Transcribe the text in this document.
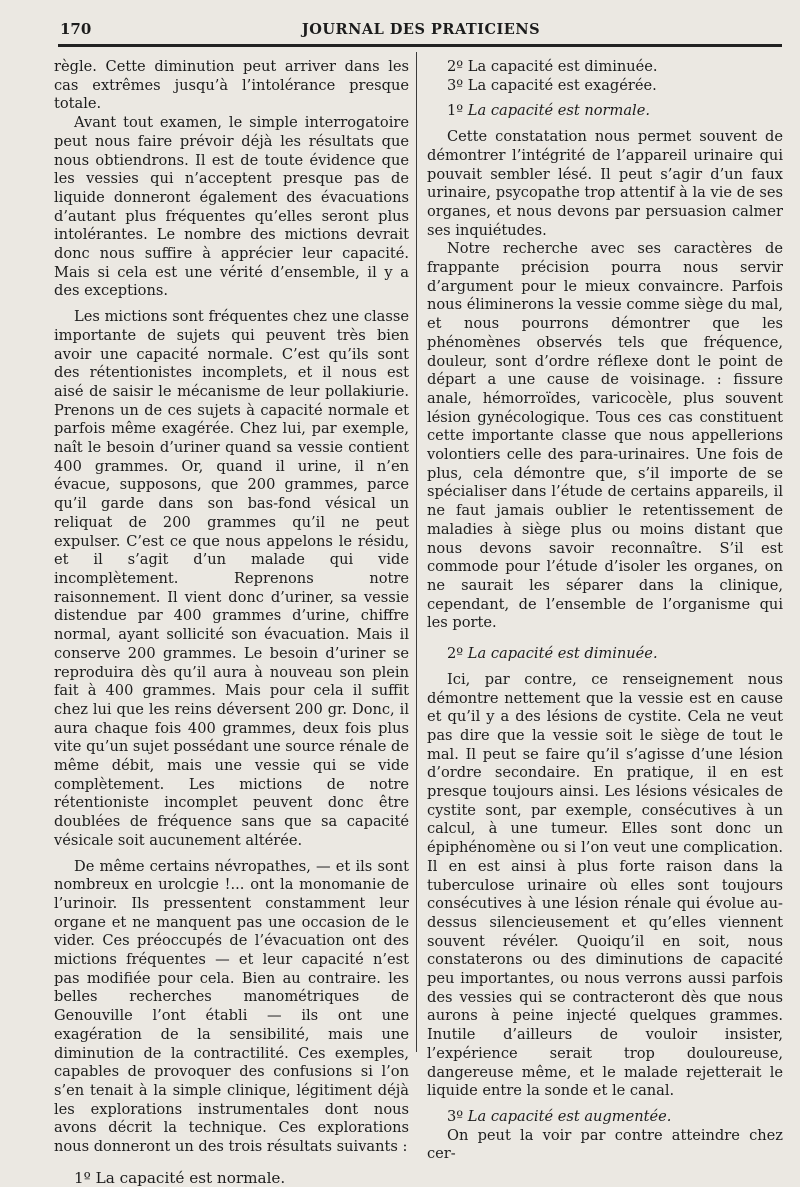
170	JOURNAL DES PRATICIENS

règle. Cette diminution peut arriver dans les cas extrêmes jusqu’à l’intolérance presque totale.

Avant tout examen, le simple interrogatoire peut nous faire prévoir déjà les résultats que nous obtiendrons. Il est de toute évidence que les vessies qui n’acceptent presque pas de liquide donneront également des évacuations d’autant plus fréquentes qu’elles seront plus intolérantes. Le nombre des mictions devrait donc nous suffire à apprécier leur capacité. Mais si cela est une vérité d’ensemble, il y a des exceptions.

Les mictions sont fréquentes chez une classe importante de sujets qui peuvent très bien avoir une capacité normale. C’est qu’ils sont des rétentionistes incomplets, et il nous est aisé de saisir le mécanisme de leur pollakiurie. Prenons un de ces sujets à capacité normale et parfois même exagérée. Chez lui, par exemple, naît le besoin d’uriner quand sa vessie contient 400 grammes. Or, quand il urine, il n’en évacue, supposons, que 200 grammes, parce qu’il garde dans son bas-fond vésical un reliquat de 200 grammes qu’il ne peut expulser. C’est ce que nous appelons le résidu, et il s’agit d’un malade qui vide incomplètement. Reprenons notre raisonnement. Il vient donc d’uriner, sa vessie distendue par 400 grammes d’urine, chiffre normal, ayant sollicité son évacuation. Mais il conserve 200 grammes. Le besoin d’uriner se reproduira dès qu’il aura à nouveau son plein fait à 400 grammes. Mais pour cela il suffit chez lui que les reins déversent 200 gr. Donc, il aura chaque fois 400 grammes, deux fois plus vite qu’un sujet possédant une source rénale de même débit, mais une vessie qui se vide complètement. Les mictions de notre rétentioniste incomplet peuvent donc être doublées de fréquence sans que sa capacité vésicale soit aucunement altérée.

De même certains névropathes, — et ils sont nombreux en urolcgie !... ont la monomanie de l’urinoir. Ils pressentent constamment leur organe et ne manquent pas une occasion de le vider. Ces préoccupés de l’évacuation ont des mictions fréquentes — et leur capacité n’est pas modifiée pour cela. Bien au contraire. les belles recherches manométriques de Genouville l’ont établi — ils ont une exagération de la sensibilité, mais une diminution de la contractilité. Ces exemples, capables de provoquer des confusions si l’on s’en tenait à la simple clinique, légitiment déjà les explorations instrumentales dont nous avons décrit la technique. Ces explorations nous donneront un des trois résultats suivants :

1º La capacité est normale.

2º La capacité est diminuée.

3º La capacité est exagérée.

1º La capacité est normale.

Cette constatation nous permet souvent de démontrer l’intégrité de l’appareil urinaire qui pouvait sembler lésé. Il peut s’agir d’un faux urinaire, psycopathe trop attentif à la vie de ses organes, et nous devons par persuasion calmer ses inquiétudes.

Notre recherche avec ses caractères de frappante précision pourra nous servir d’argument pour le mieux convaincre. Parfois nous éliminerons la vessie comme siège du mal, et nous pourrons démontrer que les phénomènes observés tels que fréquence, douleur, sont d’ordre réflexe dont le point de départ a une cause de voisinage. : fissure anale, hémorroïdes, varicocèle, plus souvent lésion gynécologique. Tous ces cas constituent cette importante classe que nous appellerions volontiers celle des para-urinaires. Une fois de plus, cela démontre que, s’il importe de se spécialiser dans l’étude de certains appareils, il ne faut jamais oublier le retentissement de maladies à siège plus ou moins distant que nous devons savoir reconnaître. S’il est commode pour l’étude d’isoler les organes, on ne saurait les séparer dans la clinique, cependant, de l’ensemble de l’organisme qui les porte.

2º La capacité est diminuée.

Ici, par contre, ce renseignement nous démontre nettement que la vessie est en cause et qu’il y a des lésions de cystite. Cela ne veut pas dire que la vessie soit le siège de tout le mal. Il peut se faire qu’il s’agisse d’une lésion d’ordre secondaire. En pratique, il en est presque toujours ainsi. Les lésions vésicales de cystite sont, par exemple, consécutives à un calcul, à une tumeur. Elles sont donc un épiphénomène ou si l’on veut une complication. Il en est ainsi à plus forte raison dans la tuberculose urinaire où elles sont toujours consécutives à une lésion rénale qui évolue au-dessus silencieusement et qu’elles viennent souvent révéler. Quoiqu’il en soit, nous constaterons ou des diminutions de capacité peu importantes, ou nous verrons aussi parfois des vessies qui se contracteront dès que nous aurons à peine injecté quelques grammes. Inutile d’ailleurs de vouloir insister, l’expérience serait trop douloureuse, dangereuse même, et le malade rejetterait le liquide entre la sonde et le canal.

3º La capacité est augmentée.

On peut la voir par contre atteindre chez cer-
